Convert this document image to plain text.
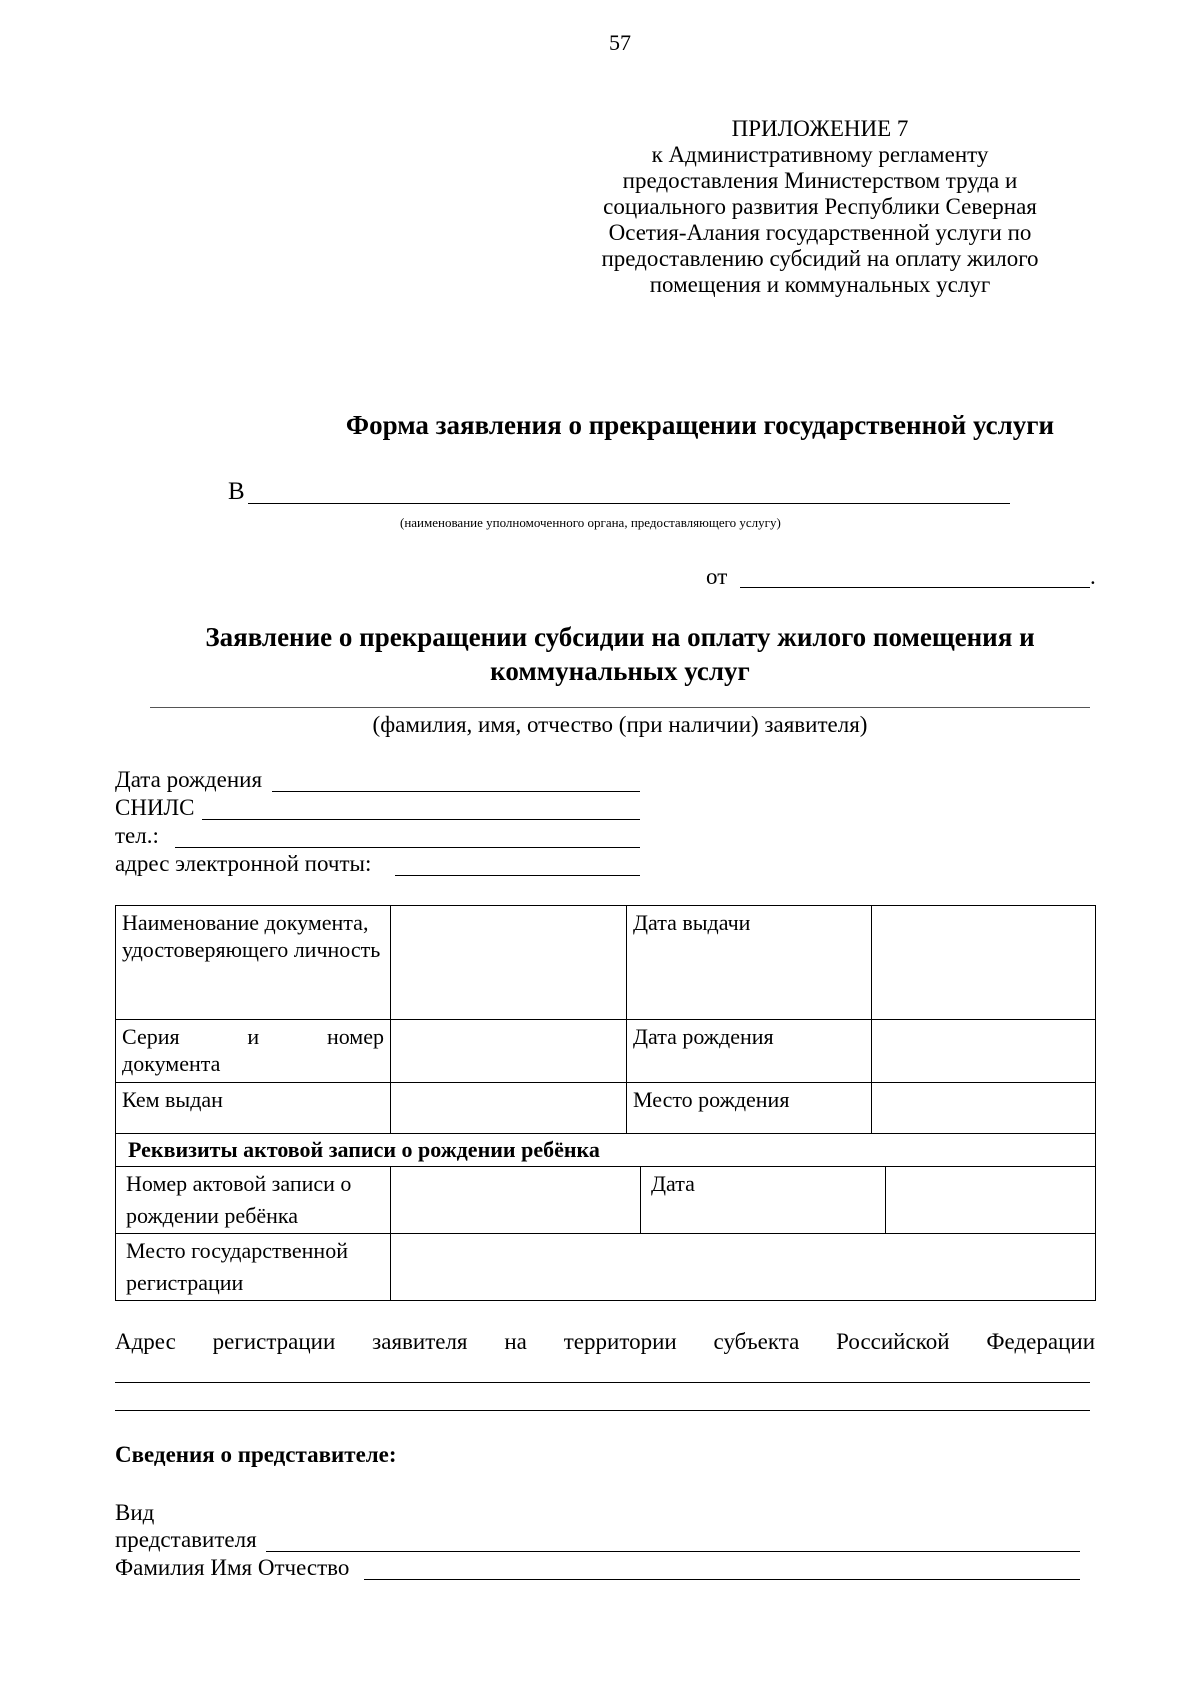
57
ПРИЛОЖЕНИЕ 7
к Административному регламенту
предоставления Министерством труда и
социального развития Республики Северная
Осетия-Алания государственной услуги по
предоставлению субсидий на оплату жилого
помещения и коммунальных услуг
Форма заявления о прекращении государственной услуги
В
(наименование уполномоченного органа, предоставляющего услугу)
от	.
Заявление о прекращении субсидии на оплату жилого помещения и
коммунальных услуг
(фамилия, имя, отчество (при наличии) заявителя)
Дата рождения
СНИЛС
тел.:
адрес электронной почты:
Наименование документа, удостоверяющего личность		Дата выдачи	

Серия и номер
документа		Дата рождения	
Кем выдан		Место рождения	
Реквизиты актовой записи о рождении ребёнка			
Номер актовой записи о рождении ребёнка		Дата	
Место государственной регистрации			
Адрес регистрации заявителя на территории субъекта Российской Федерации
Сведения о представителе:
Вид
представителя
Фамилия Имя Отчество
